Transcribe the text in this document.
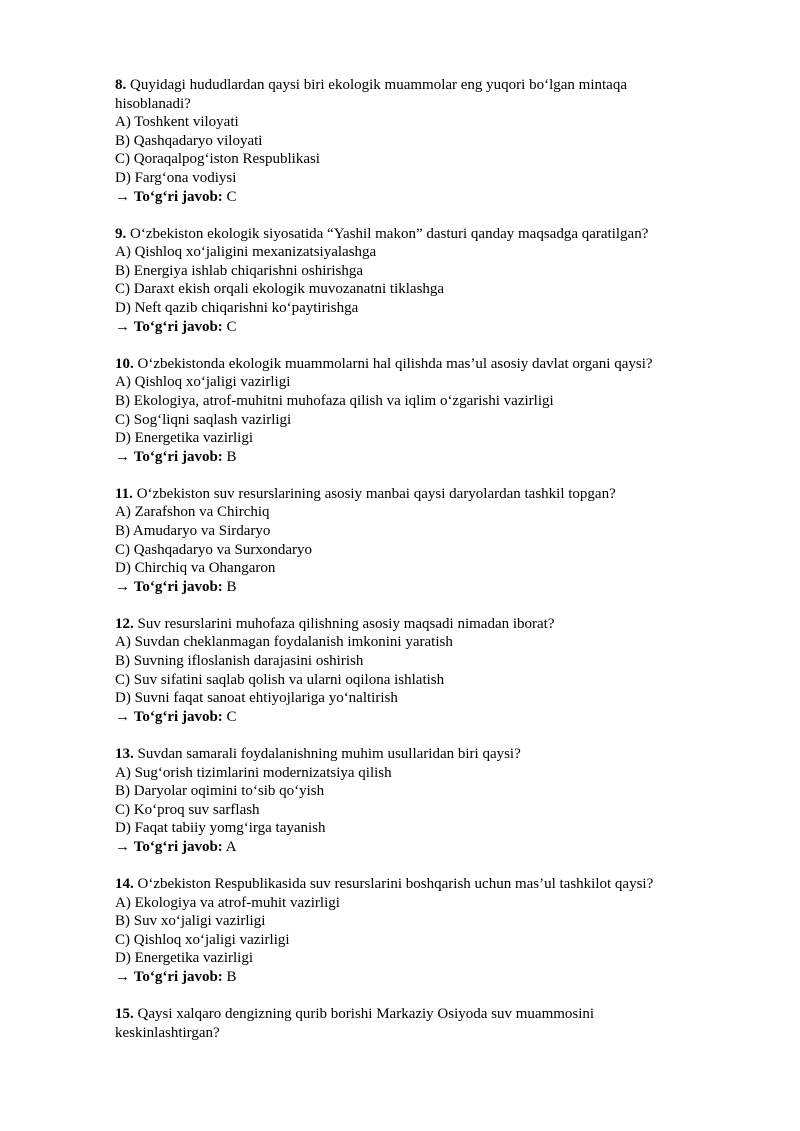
8. Quyidagi hududlardan qaysi biri ekologik muammolar eng yuqori bo‘lgan mintaqa
hisoblanadi?
A) Toshkent viloyati
B) Qashqadaryo viloyati
C) Qoraqalpog‘iston Respublikasi
D) Farg‘ona vodiysi
→ To‘g‘ri javob: C
9. O‘zbekiston ekologik siyosatida “Yashil makon” dasturi qanday maqsadga qaratilgan?
A) Qishloq xo‘jaligini mexanizatsiyalashga
B) Energiya ishlab chiqarishni oshirishga
C) Daraxt ekish orqali ekologik muvozanatni tiklashga
D) Neft qazib chiqarishni ko‘paytirishga
→ To‘g‘ri javob: C
10. O‘zbekistonda ekologik muammolarni hal qilishda mas’ul asosiy davlat organi qaysi?
A) Qishloq xo‘jaligi vazirligi
B) Ekologiya, atrof-muhitni muhofaza qilish va iqlim o‘zgarishi vazirligi
C) Sog‘liqni saqlash vazirligi
D) Energetika vazirligi
→ To‘g‘ri javob: B
11. O‘zbekiston suv resurslarining asosiy manbai qaysi daryolardan tashkil topgan?
A) Zarafshon va Chirchiq
B) Amudaryo va Sirdaryo
C) Qashqadaryo va Surxondaryo
D) Chirchiq va Ohangaron
→ To‘g‘ri javob: B
12. Suv resurslarini muhofaza qilishning asosiy maqsadi nimadan iborat?
A) Suvdan cheklanmagan foydalanish imkonini yaratish
B) Suvning ifloslanish darajasini oshirish
C) Suv sifatini saqlab qolish va ularni oqilona ishlatish
D) Suvni faqat sanoat ehtiyojlariga yo‘naltirish
→ To‘g‘ri javob: C
13. Suvdan samarali foydalanishning muhim usullaridan biri qaysi?
A) Sug‘orish tizimlarini modernizatsiya qilish
B) Daryolar oqimini to‘sib qo‘yish
C) Ko‘proq suv sarflash
D) Faqat tabiiy yomg‘irga tayanish
→ To‘g‘ri javob: A
14. O‘zbekiston Respublikasida suv resurslarini boshqarish uchun mas’ul tashkilot qaysi?
A) Ekologiya va atrof-muhit vazirligi
B) Suv xo‘jaligi vazirligi
C) Qishloq xo‘jaligi vazirligi
D) Energetika vazirligi
→ To‘g‘ri javob: B
15. Qaysi xalqaro dengizning qurib borishi Markaziy Osiyoda suv muammosini
keskinlashtirgan?
